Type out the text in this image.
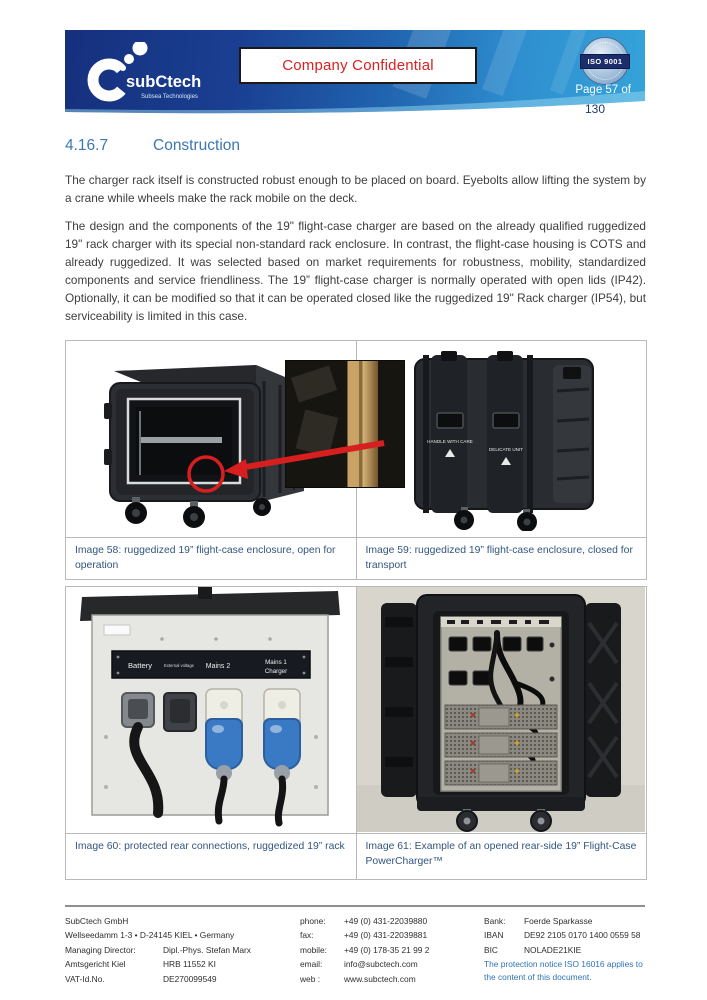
subCtech
Subsea Technologies
Company Confidential	ISO 9001
Page 57 of
130
4.16.7	Construction
The charger rack itself is constructed robust enough to be placed on board. Eyebolts allow lifting the system by a crane while wheels make the rack mobile on the deck.
The design and the components of the 19" flight-case charger are based on the already qualified ruggedized 19" rack charger with its special non-standard rack enclosure. In contrast, the flight-case housing is COTS and already ruggedized. It was selected based on market requirements for robustness, mobility, standardized components and service friendliness. The 19” flight-case charger is normally operated with open lids (IP42). Optionally, it can be modified so that it can be operated closed like the ruggedized 19" Rack charger (IP54), but serviceability is limited in this case.
Image 58: ruggedized 19” flight-case enclosure, open for operation
HANDLE WITH CARE
DELICATE UNIT
Image 59: ruggedized 19” flight-case enclosure, closed for transport
Battery	External voltage Mains 2
Mains 1
Charger
Image 60: protected rear connections, ruggedized 19” rack	Image 61: Example of an opened rear-side 19” Flight-Case PowerCharger™
SubCtech GmbH
Wellseedamm 1-3 • D-24145 KIEL • Germany
Managing Director:	Dipl.-Phys. Stefan Marx
Amtsgericht Kiel	HRB 11552 KI
VAT-Id.No.	DE270099549
phone:	+49 (0) 431-22039880
fax:	+49 (0) 431-22039881
mobile:	+49 (0) 178-35 21 99 2
email:	info@subctech.com
web :	www.subctech.com
Bank:	Foerde Sparkasse
IBAN	DE92 2105 0170 1400 0559 58
BIC	NOLADE21KIE
The protection notice ISO 16016 applies to the content of this document.
